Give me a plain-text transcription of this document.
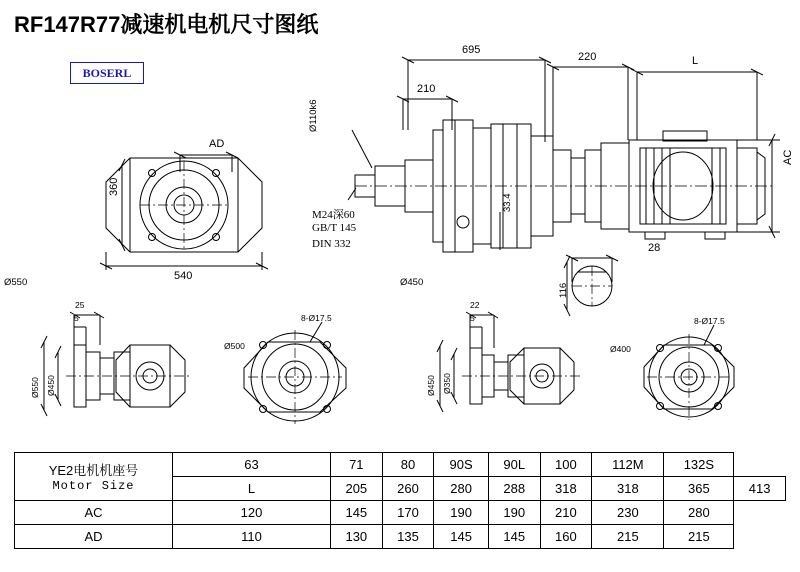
RF147R77减速机电机尺寸图纸
BOSERL
695
220	L
210
Ø110k6
33.4
AC
28
116
M24深60
GB/T 145
DIN 332
AD
360
540
Ø550	Ø450
25
5
Ø550 Ø450
Ø500
8-Ø17.5
22
5
Ø450 Ø350
Ø400
8-Ø17.5
YE2电机机座号
Motor Size	63	71	80	90S	90L	100	112M	132S	
	L	205	260	280	288	318	318	365	413
AC	120	145	170	190	190	210	230	280	
AD	110	130	135	145	145	160	215	215	
